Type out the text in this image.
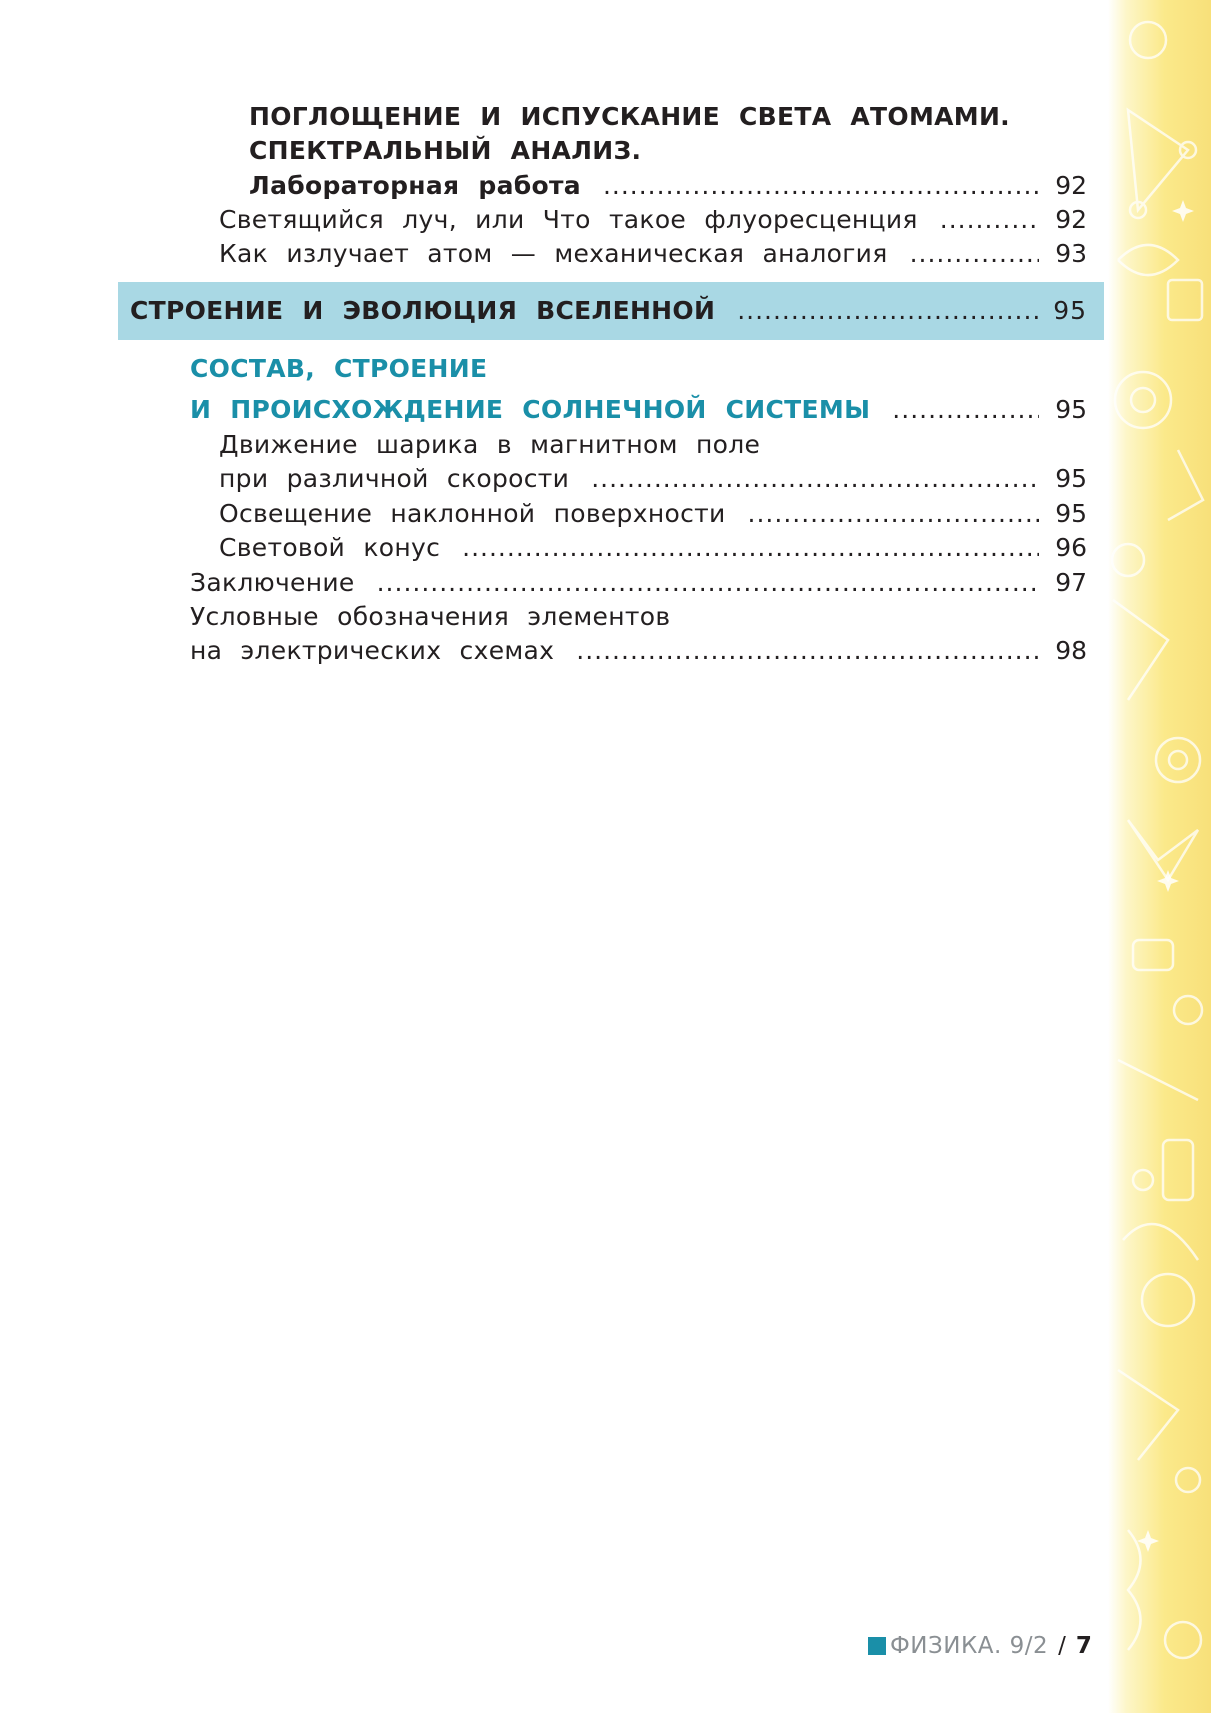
ПОГЛОЩЕНИЕ И ИСПУСКАНИЕ СВЕТА АТОМАМИ.
СПЕКТРАЛЬНЫЙ АНАЛИЗ.
Лабораторная работа .....	92
Светящийся луч, или Что такое флуоресценция .....	92
Как излучает атом — механическая аналогия .....	93
СТРОЕНИЕ И ЭВОЛЮЦИЯ ВСЕЛЕННОЙ .....	95
СОСТАВ, СТРОЕНИЕ
И ПРОИСХОЖДЕНИЕ СОЛНЕЧНОЙ СИСТЕМЫ .....	95
Движение шарика в магнитном поле
при различной скорости .....	95
Освещение наклонной поверхности .....	95
Световой конус .....	96
Заключение .....	97
Условные обозначения элементов
на электрических схемах .....	98
ФИЗИКА. 9/2 / 7
